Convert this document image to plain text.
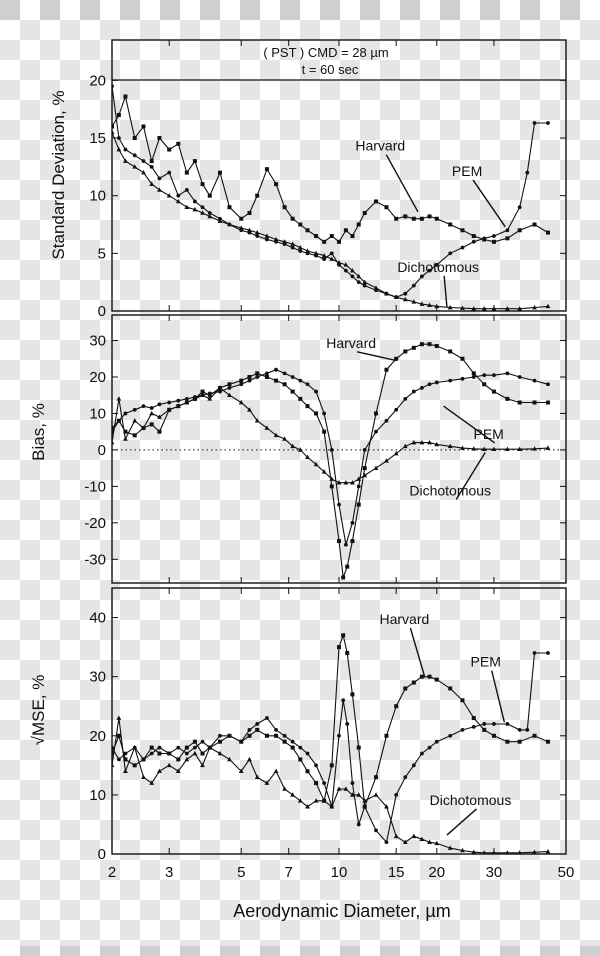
( PST ) CMD = 28 µm
t = 60 sec
0
5
10
15
20
Standard Deviation, %	Harvard
PEM
Dichotomous
-30
-20
-10
0
10
20
30
Bias, %
Harvard
PEM
Dichotomous
0
10
20
30
40
√MSE, %
Harvard
PEM
Dichotomous
2	3	5	7	10	15 20	30	50
Aerodynamic Diameter, µm
